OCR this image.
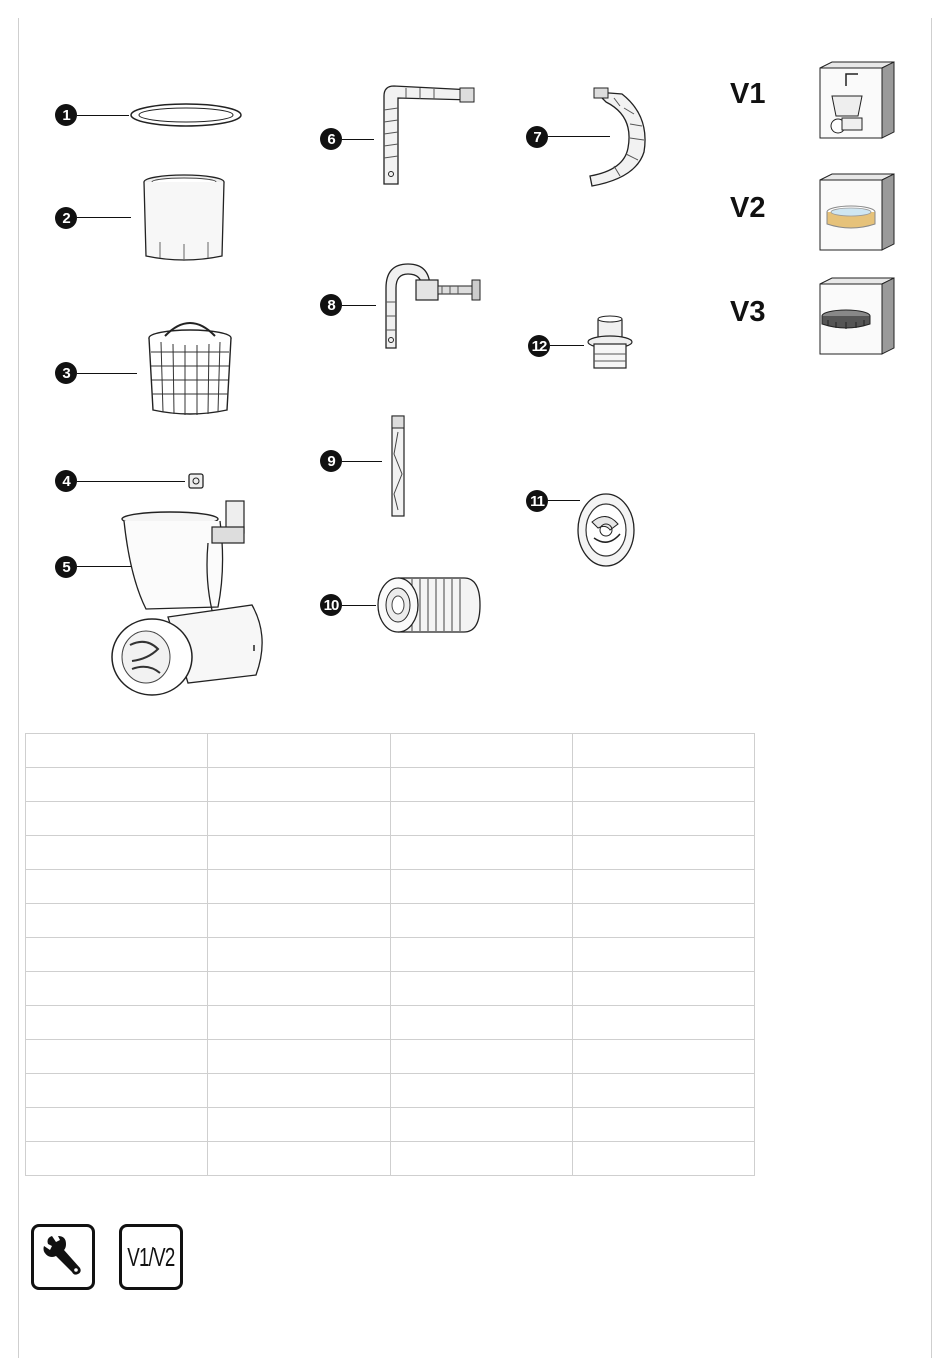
1
2
3
4
5
6	7
8
9
10
11
12
V1
V2
V3

V1/V2
